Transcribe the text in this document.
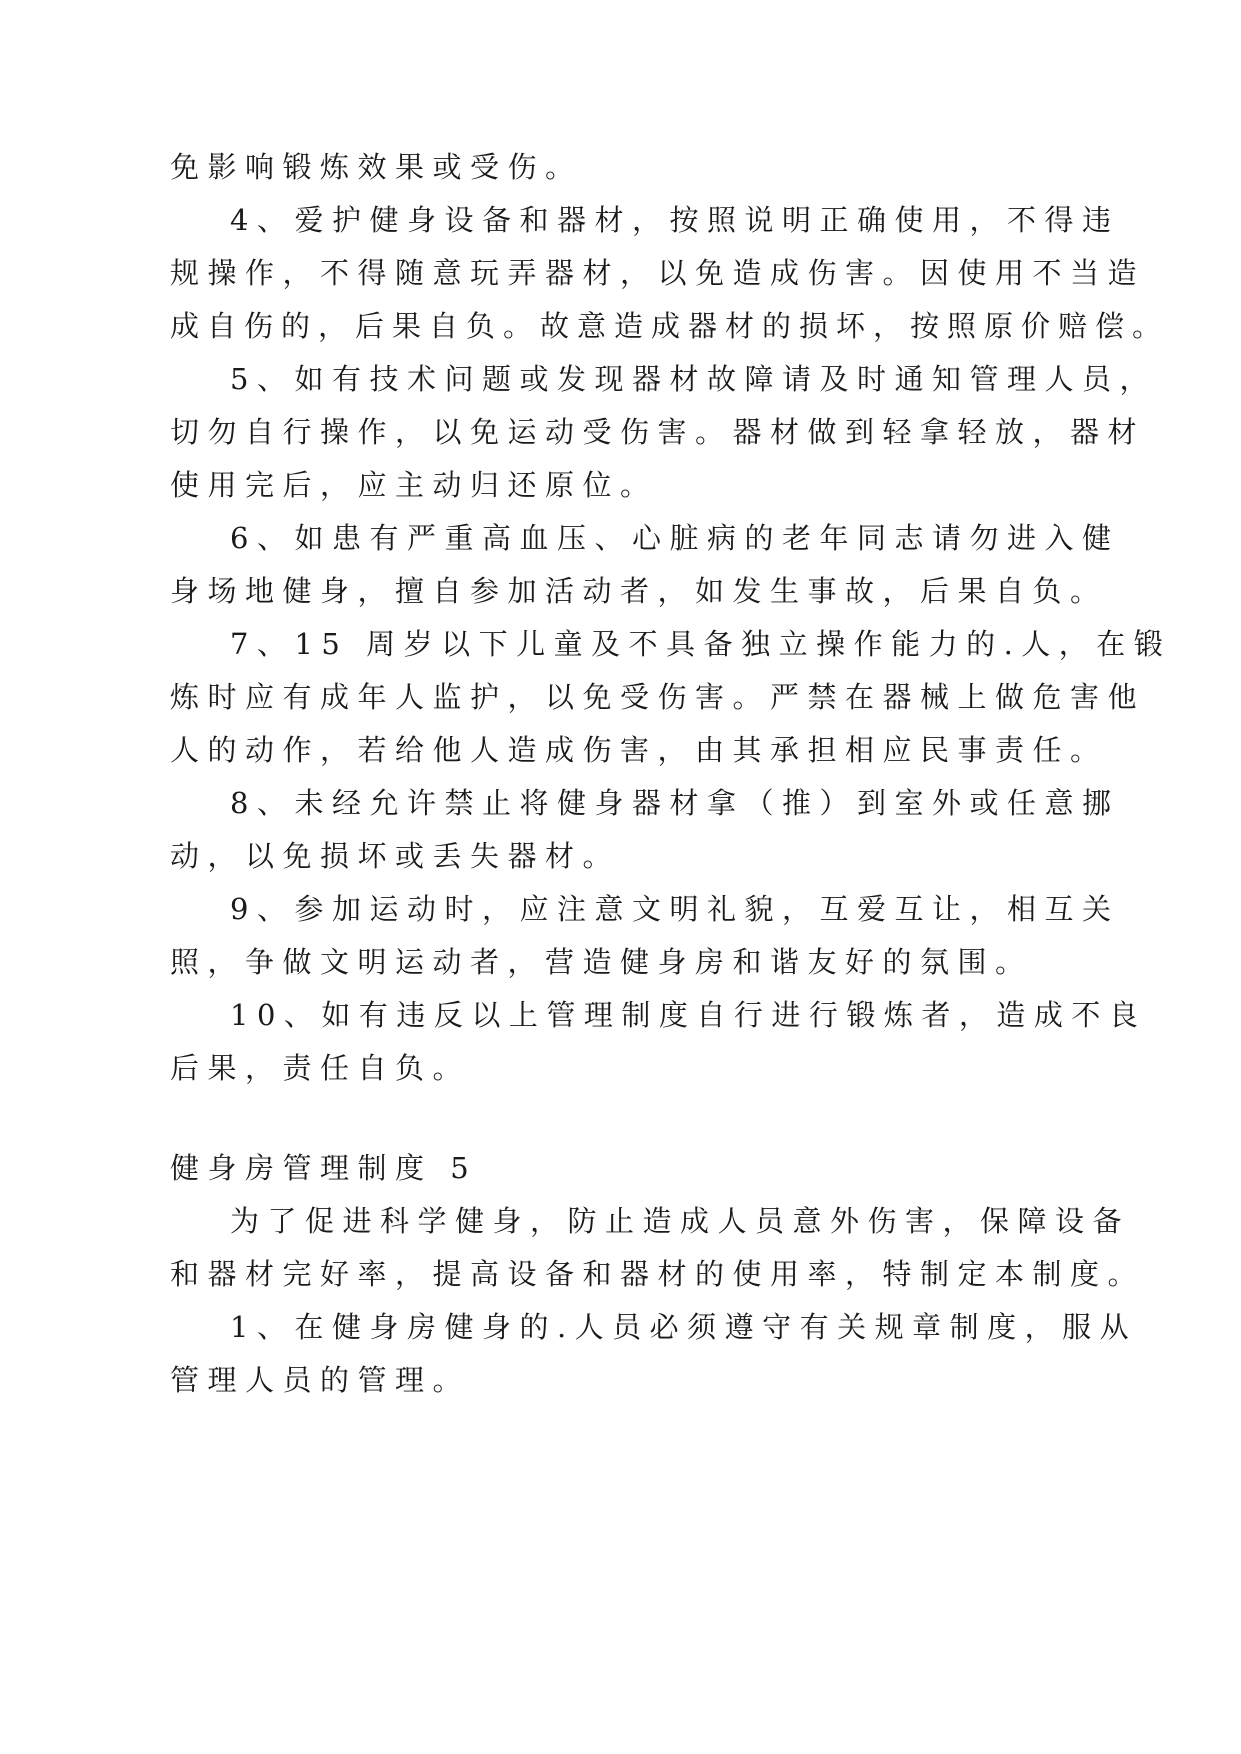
免影响锻炼效果或受伤。
4、爱护健身设备和器材，按照说明正确使用，不得违
规操作，不得随意玩弄器材，以免造成伤害。因使用不当造
成自伤的，后果自负。故意造成器材的损坏，按照原价赔偿。
5、如有技术问题或发现器材故障请及时通知管理人员，
切勿自行操作，以免运动受伤害。器材做到轻拿轻放，器材
使用完后，应主动归还原位。
6、如患有严重高血压、心脏病的老年同志请勿进入健
身场地健身，擅自参加活动者，如发生事故，后果自负。
7、15 周岁以下儿童及不具备独立操作能力的.人，在锻
炼时应有成年人监护，以免受伤害。严禁在器械上做危害他
人的动作，若给他人造成伤害，由其承担相应民事责任。
8、未经允许禁止将健身器材拿（推）到室外或任意挪
动，以免损坏或丢失器材。
9、参加运动时，应注意文明礼貌，互爱互让，相互关
照，争做文明运动者，营造健身房和谐友好的氛围。
10、如有违反以上管理制度自行进行锻炼者，造成不良
后果，责任自负。
健身房管理制度 5
为了促进科学健身，防止造成人员意外伤害，保障设备
和器材完好率，提高设备和器材的使用率，特制定本制度。
1、在健身房健身的.人员必须遵守有关规章制度，服从
管理人员的管理。
